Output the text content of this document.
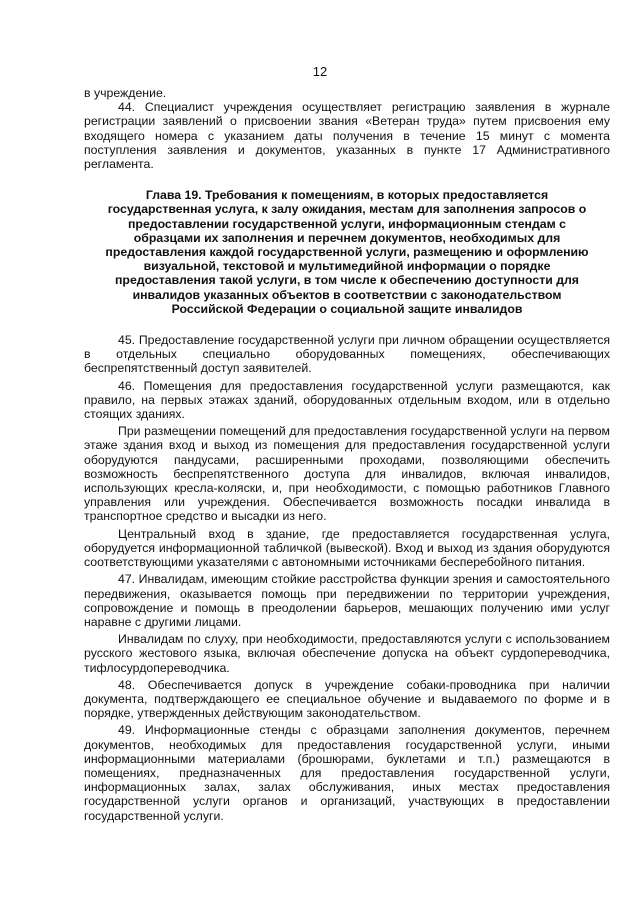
12

в учреждение.

44. Специалист учреждения осуществляет регистрацию заявления в журнале регистрации заявлений о присвоении звания «Ветеран труда» путем присвоения ему входящего номера с указанием даты получения в течение 15 минут с момента поступления заявления и документов, указанных в пункте 17 Административного регламента.

Глава 19. Требования к помещениям, в которых предоставляется государственная услуга, к залу ожидания, местам для заполнения запросов о предоставлении государственной услуги, информационным стендам с образцами их заполнения и перечнем документов, необходимых для предоставления каждой государственной услуги, размещению и оформлению визуальной, текстовой и мультимедийной информации о порядке предоставления такой услуги, в том числе к обеспечению доступности для инвалидов указанных объектов в соответствии с законодательством Российской Федерации о социальной защите инвалидов

45. Предоставление государственной услуги при личном обращении осуществляется в отдельных специально оборудованных помещениях, обеспечивающих беспрепятственный доступ заявителей.

46. Помещения для предоставления государственной услуги размещаются, как правило, на первых этажах зданий, оборудованных отдельным входом, или в отдельно стоящих зданиях.

При размещении помещений для предоставления государственной услуги на первом этаже здания вход и выход из помещения для предоставления государственной услуги оборудуются пандусами, расширенными проходами, позволяющими обеспечить возможность беспрепятственного доступа для инвалидов, включая инвалидов, использующих кресла-коляски, и, при необходимости, с помощью работников Главного управления или учреждения. Обеспечивается возможность посадки инвалида в транспортное средство и высадки из него.

Центральный вход в здание, где предоставляется государственная услуга, оборудуется информационной табличкой (вывеской). Вход и выход из здания оборудуются соответствующими указателями с автономными источниками бесперебойного питания.

47. Инвалидам, имеющим стойкие расстройства функции зрения и самостоятельного передвижения, оказывается помощь при передвижении по территории учреждения, сопровождение и помощь в преодолении барьеров, мешающих получению ими услуг наравне с другими лицами.

Инвалидам по слуху, при необходимости, предоставляются услуги с использованием русского жестового языка, включая обеспечение допуска на объект сурдопереводчика, тифлосурдопереводчика.

48. Обеспечивается допуск в учреждение собаки-проводника при наличии документа, подтверждающего ее специальное обучение и выдаваемого по форме и в порядке, утвержденных действующим законодательством.

49. Информационные стенды с образцами заполнения документов, перечнем документов, необходимых для предоставления государственной услуги, иными информационными материалами (брошюрами, буклетами и т.п.) размещаются в помещениях, предназначенных для предоставления государственной услуги, информационных залах, залах обслуживания, иных местах предоставления государственной услуги органов и организаций, участвующих в предоставлении государственной услуги.
